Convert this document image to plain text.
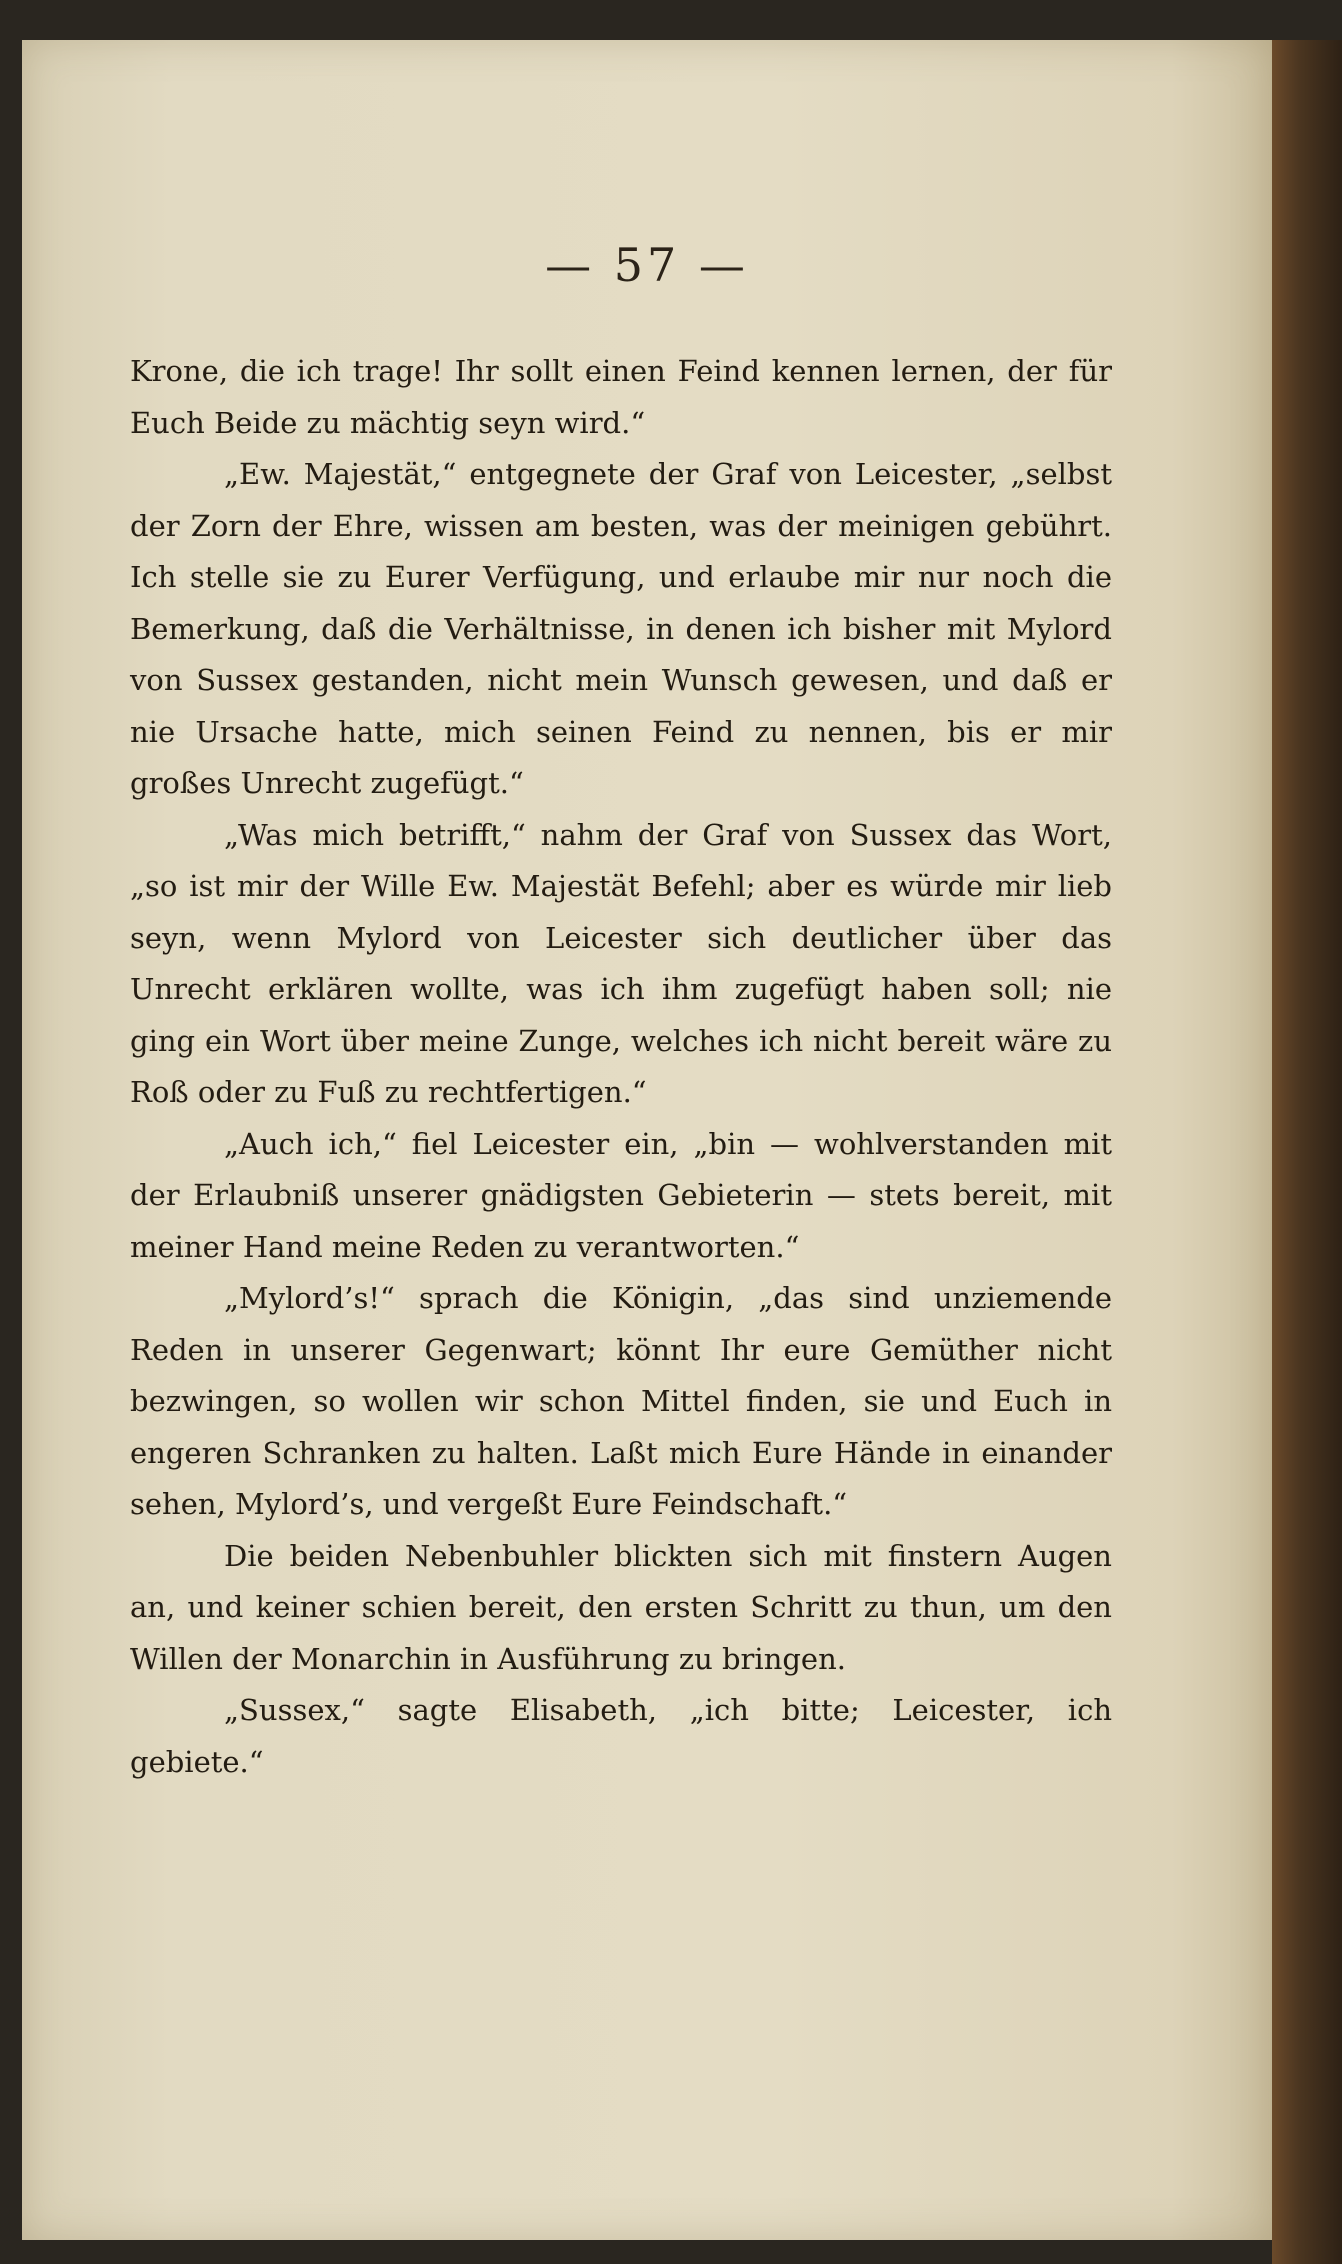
— 57 —

Krone, die ich trage! Ihr sollt einen Feind kennen lernen, der für Euch Beide zu mächtig seyn wird.“

„Ew. Majestät,“ entgegnete der Graf von Leicester, „selbst der Zorn der Ehre, wissen am besten, was der meinigen gebührt. Ich stelle sie zu Eurer Verfügung, und erlaube mir nur noch die Bemerkung, daß die Verhältnisse, in denen ich bisher mit Mylord von Sussex gestanden, nicht mein Wunsch gewesen, und daß er nie Ursache hatte, mich seinen Feind zu nennen, bis er mir großes Unrecht zugefügt.“

„Was mich betrifft,“ nahm der Graf von Sussex das Wort, „so ist mir der Wille Ew. Majestät Befehl; aber es würde mir lieb seyn, wenn Mylord von Leicester sich deutlicher über das Unrecht erklären wollte, was ich ihm zugefügt haben soll; nie ging ein Wort über meine Zunge, welches ich nicht bereit wäre zu Roß oder zu Fuß zu rechtfertigen.“

„Auch ich,“ fiel Leicester ein, „bin — wohlverstanden mit der Erlaubniß unserer gnädigsten Gebieterin — stets bereit, mit meiner Hand meine Reden zu verantworten.“

„Mylord’s!“ sprach die Königin, „das sind unziemende Reden in unserer Gegenwart; könnt Ihr eure Gemüther nicht bezwingen, so wollen wir schon Mittel finden, sie und Euch in engeren Schranken zu halten. Laßt mich Eure Hände in einander sehen, Mylord’s, und vergeßt Eure Feindschaft.“

Die beiden Nebenbuhler blickten sich mit finstern Augen an, und keiner schien bereit, den ersten Schritt zu thun, um den Willen der Monarchin in Ausführung zu bringen.

„Sussex,“ sagte Elisabeth, „ich bitte; Leicester, ich gebiete.“
